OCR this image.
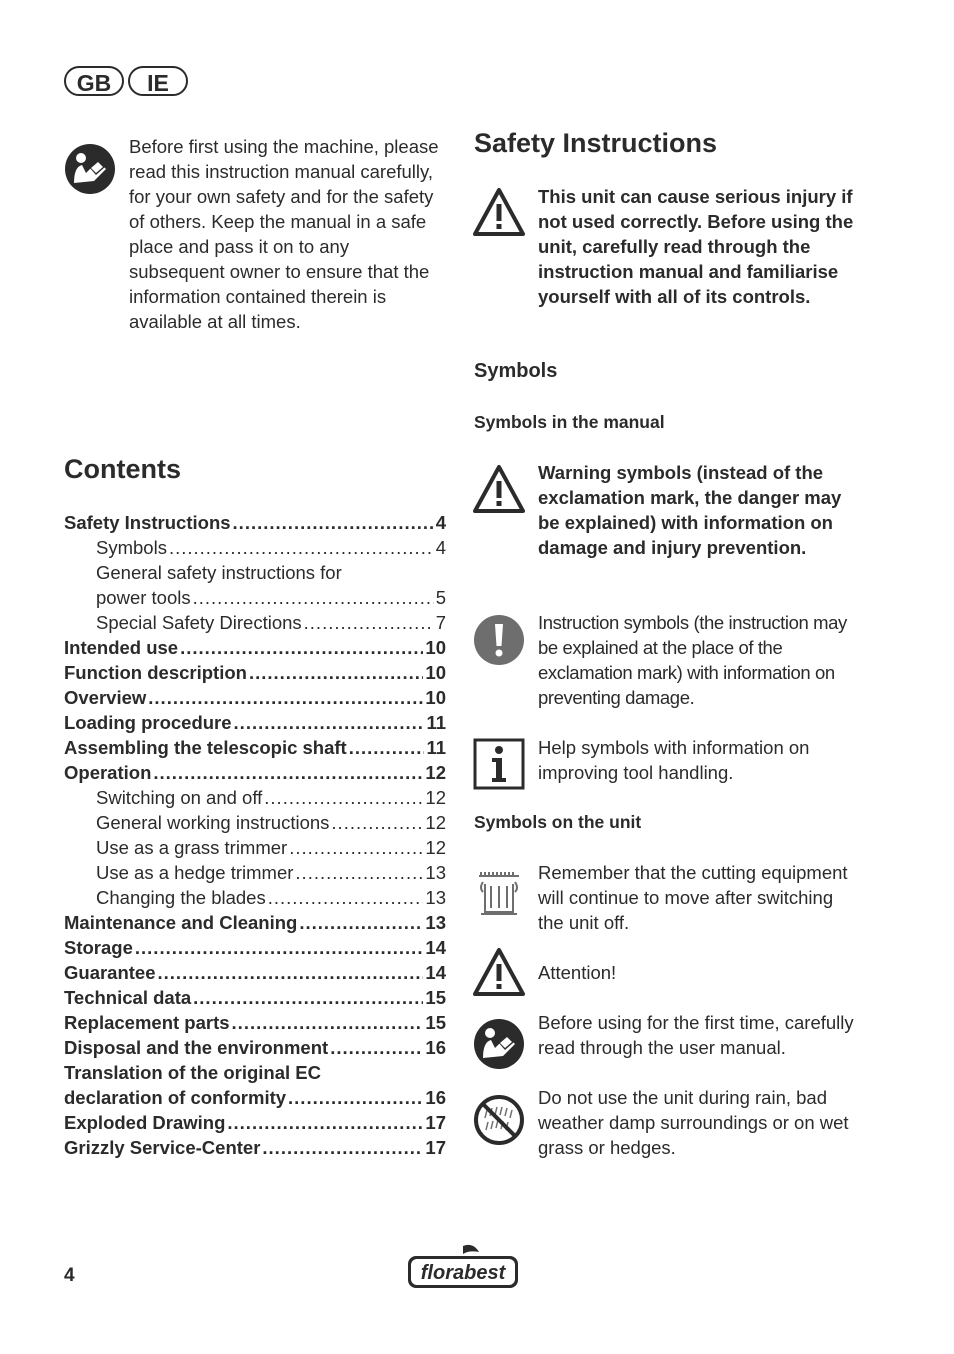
GB	IE
Before first using the machine, please read this instruction manual carefully, for your own safety and for the safety of others. Keep the manual in a safe place and pass it on to any subsequent owner to ensure that the information contained therein is available at all times.
Contents
Safety Instructions .....	4
Symbols .....	4
General safety instructions for
power tools .....	5
Special Safety Directions .....	7
Intended use .....	10
Function description .....	10
Overview .....	10
Loading procedure .....	11
Assembling the telescopic shaft .....	11
Operation .....	12
Switching on and off .....	12
General working instructions .....	12
Use as a grass trimmer .....	12
Use as a hedge trimmer .....	13
Changing the blades .....	13
Maintenance and Cleaning .....	13
Storage .....	14
Guarantee .....	14
Technical data .....	15
Replacement parts .....	15
Disposal and the environment .....	16
Translation of the original EC
declaration of conformity .....	16
Exploded Drawing .....	17
Grizzly Service-Center .....	17
Safety Instructions
This unit can cause serious injury if not used correctly. Before using the unit, carefully read through the instruction manual and familiarise yourself with all of its controls.
Symbols
Symbols in the manual
Warning symbols (instead of the exclamation mark, the danger may be explained) with information on damage and injury prevention.
Instruction symbols (the instruction may be explained at the place of the exclamation mark) with information on preventing damage.
Help symbols with information on improving tool handling.
Symbols on the unit
Remember that the cutting equipment will continue to move after switching the unit off.
Attention!
Before using for the first time, carefully read through the user manual.
Do not use the unit during rain, bad weather damp surroundings or on wet grass or hedges.
4	florabest
